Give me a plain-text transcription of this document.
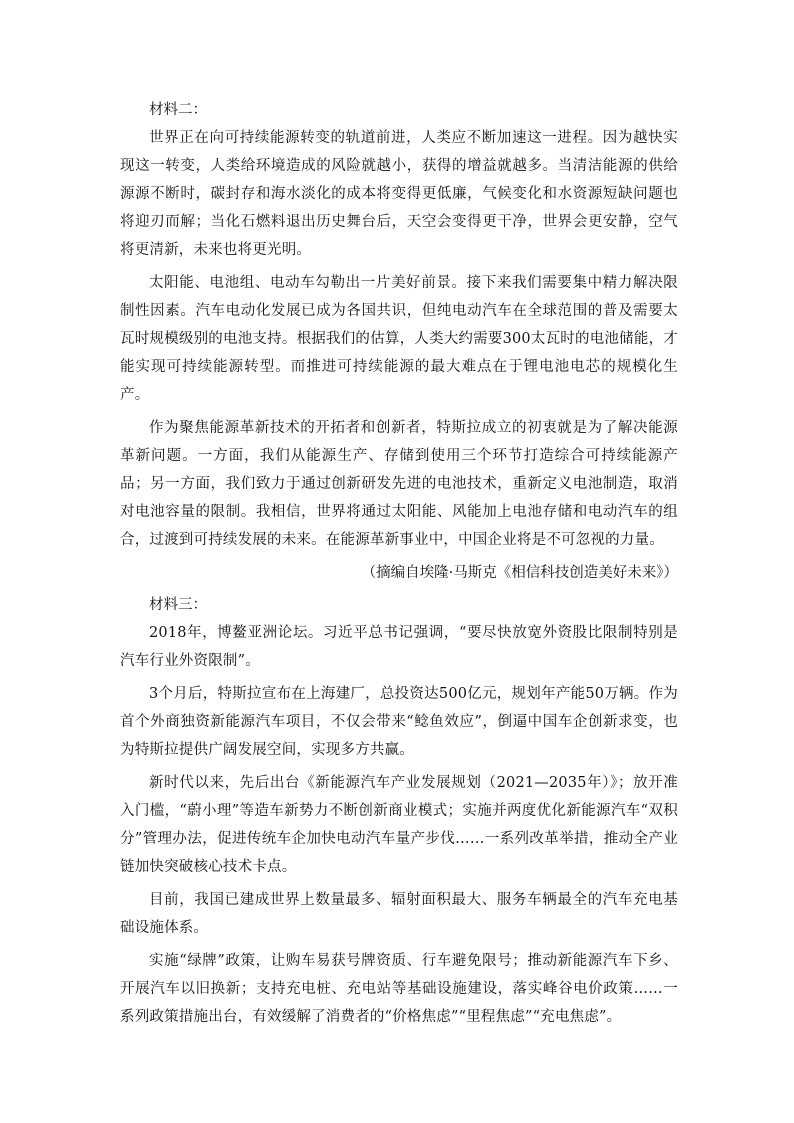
材料二：

世界正在向可持续能源转变的轨道前进，人类应不断加速这一进程。因为越快实现这一转变，人类给环境造成的风险就越小，获得的增益就越多。当清洁能源的供给源源不断时，碳封存和海水淡化的成本将变得更低廉，气候变化和水资源短缺问题也将迎刃而解；当化石燃料退出历史舞台后，天空会变得更干净，世界会更安静，空气将更清新，未来也将更光明。

太阳能、电池组、电动车勾勒出一片美好前景。接下来我们需要集中精力解决限制性因素。汽车电动化发展已成为各国共识，但纯电动汽车在全球范围的普及需要太瓦时规模级别的电池支持。根据我们的估算，人类大约需要300太瓦时的电池储能，才能实现可持续能源转型。而推进可持续能源的最大难点在于锂电池电芯的规模化生产。

作为聚焦能源革新技术的开拓者和创新者，特斯拉成立的初衷就是为了解决能源革新问题。一方面，我们从能源生产、存储到使用三个环节打造综合可持续能源产品；另一方面，我们致力于通过创新研发先进的电池技术，重新定义电池制造，取消对电池容量的限制。我相信，世界将通过太阳能、风能加上电池存储和电动汽车的组合，过渡到可持续发展的未来。在能源革新事业中，中国企业将是不可忽视的力量。

（摘编自埃隆·马斯克《相信科技创造美好未来》）

材料三：

2018年，博鳌亚洲论坛。习近平总书记强调，“要尽快放宽外资股比限制特别是汽车行业外资限制”。

3个月后，特斯拉宣布在上海建厂，总投资达500亿元，规划年产能50万辆。作为首个外商独资新能源汽车项目，不仅会带来“鲶鱼效应”，倒逼中国车企创新求变，也为特斯拉提供广阔发展空间，实现多方共赢。

新时代以来，先后出台《新能源汽车产业发展规划（2021—2035年）》；放开准入门槛，“蔚小理”等造车新势力不断创新商业模式；实施并两度优化新能源汽车“双积分”管理办法，促进传统车企加快电动汽车量产步伐……一系列改革举措，推动全产业链加快突破核心技术卡点。

目前，我国已建成世界上数量最多、辐射面积最大、服务车辆最全的汽车充电基础设施体系。

实施“绿牌”政策，让购车易获号牌资质、行车避免限号；推动新能源汽车下乡、开展汽车以旧换新；支持充电桩、充电站等基础设施建设，落实峰谷电价政策……一系列政策措施出台，有效缓解了消费者的“价格焦虑”“里程焦虑”“充电焦虑”。
